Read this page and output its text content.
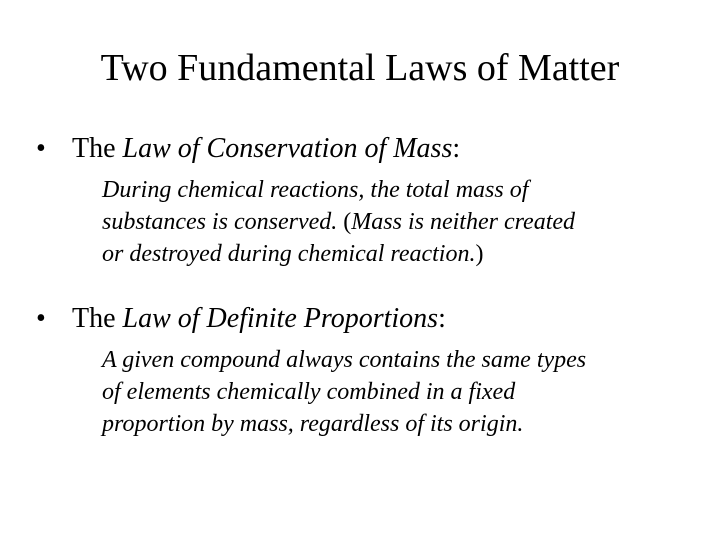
Two Fundamental Laws of Matter
• The Law of Conservation of Mass:
During chemical reactions, the total mass of
substances is conserved. (Mass is neither created
or destroyed during chemical reaction.)
• The Law of Definite Proportions:
A given compound always contains the same types
of elements chemically combined in a fixed
proportion by mass, regardless of its origin.
